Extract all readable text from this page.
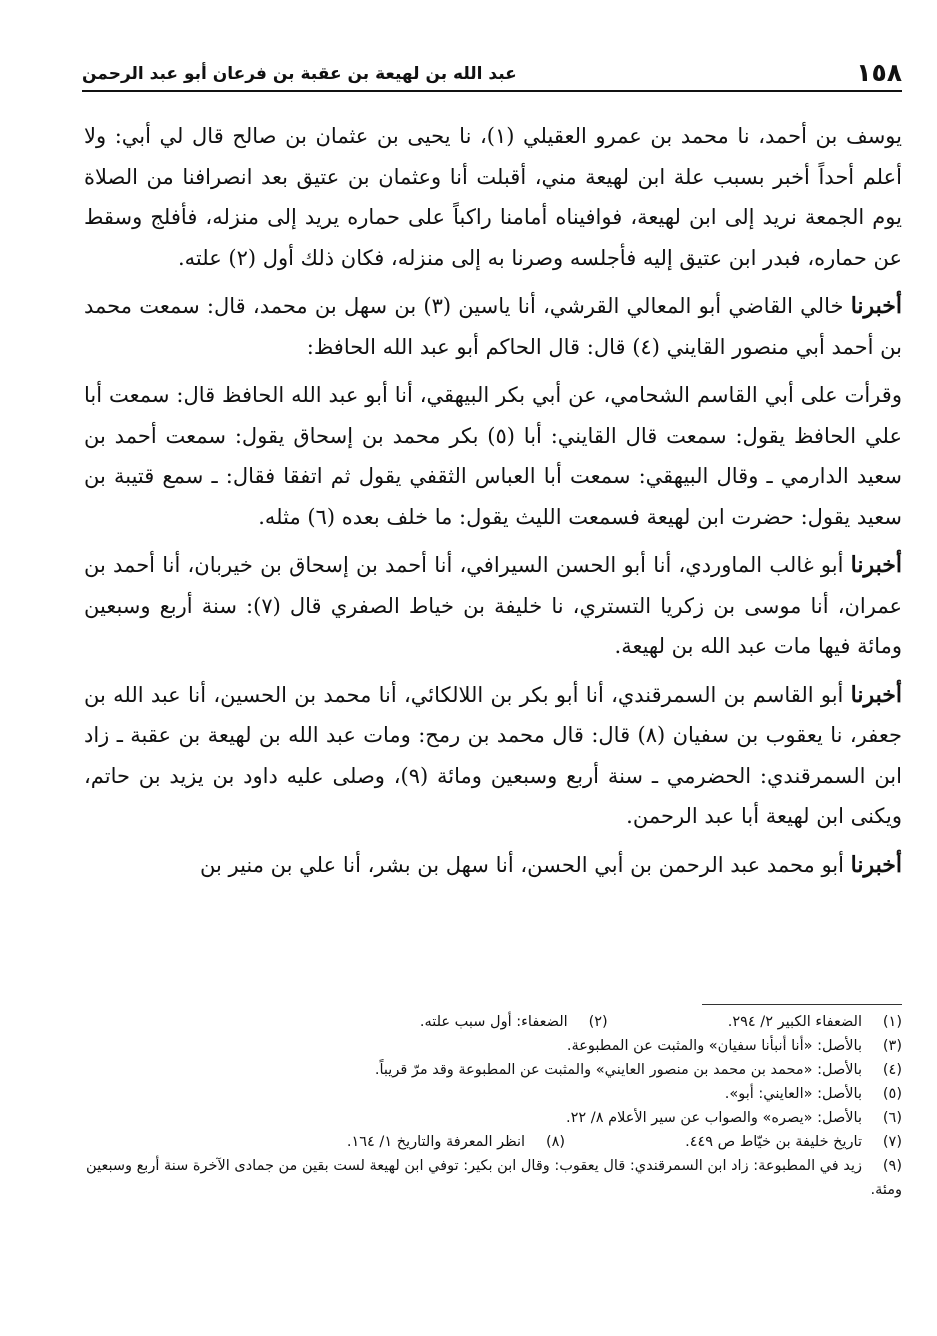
١٥٨
عبد الله بن لهيعة بن عقبة بن فرعان أبو عبد الرحمن

يوسف بن أحمد، نا محمد بن عمرو العقيلي (١)، نا يحيى بن عثمان بن صالح قال لي أبي: ولا أعلم أحداً أخبر بسبب علة ابن لهيعة مني، أقبلت أنا وعثمان بن عتيق بعد انصرافنا من الصلاة يوم الجمعة نريد إلى ابن لهيعة، فوافيناه أمامنا راكباً على حماره يريد إلى منزله، فأفلج وسقط عن حماره، فبدر ابن عتيق إليه فأجلسه وصرنا به إلى منزله، فكان ذلك أول (٢) علته.

أخبرنا خالي القاضي أبو المعالي القرشي، أنا ياسين (٣) بن سهل بن محمد، قال: سمعت محمد بن أحمد أبي منصور القايني (٤) قال: قال الحاكم أبو عبد الله الحافظ:

وقرأت على أبي القاسم الشحامي، عن أبي بكر البيهقي، أنا أبو عبد الله الحافظ قال: سمعت أبا علي الحافظ يقول: سمعت قال القايني: أبا (٥) بكر محمد بن إسحاق يقول: سمعت أحمد بن سعيد الدارمي ـ وقال البيهقي: سمعت أبا العباس الثقفي يقول ثم اتفقا فقال: ـ سمع قتيبة بن سعيد يقول: حضرت ابن لهيعة فسمعت الليث يقول: ما خلف بعده (٦) مثله.

أخبرنا أبو غالب الماوردي، أنا أبو الحسن السيرافي، أنا أحمد بن إسحاق بن خيربان، أنا أحمد بن عمران، أنا موسى بن زكريا التستري، نا خليفة بن خياط الصفري قال (٧): سنة أربع وسبعين ومائة فيها مات عبد الله بن لهيعة.

أخبرنا أبو القاسم بن السمرقندي، أنا أبو بكر بن اللالكائي، أنا محمد بن الحسين، أنا عبد الله بن جعفر، نا يعقوب بن سفيان (٨) قال: قال محمد بن رمح: ومات عبد الله بن لهيعة بن عقبة ـ زاد ابن السمرقندي: الحضرمي ـ سنة أربع وسبعين ومائة (٩)، وصلى عليه داود بن يزيد بن حاتم، ويكنى ابن لهيعة أبا عبد الرحمن.

أخبرنا أبو محمد عبد الرحمن بن أبي الحسن، أنا سهل بن بشر، أنا علي بن منير بن

(١)الضعفاء الكبير ٢/ ٢٩٤.(٢)الضعفاء: أول سبب علته.
(٣)بالأصل: «أنا أنبأنا سفيان» والمثبت عن المطبوعة.
(٤)بالأصل: «محمد بن محمد بن منصور العايني» والمثبت عن المطبوعة وقد مرّ قريباً.
(٥)بالأصل: «العايني: أبو».
(٦)بالأصل: «يصره» والصواب عن سير الأعلام ٨/ ٢٢.
(٧)تاريخ خليفة بن خيّاط ص ٤٤٩.(٨)انظر المعرفة والتاريخ ١/ ١٦٤.
(٩)زيد في المطبوعة: زاد ابن السمرقندي: قال يعقوب: وقال ابن بكير: توفي ابن لهيعة لست بقين من جمادى الآخرة سنة أربع وسبعين ومئة.
